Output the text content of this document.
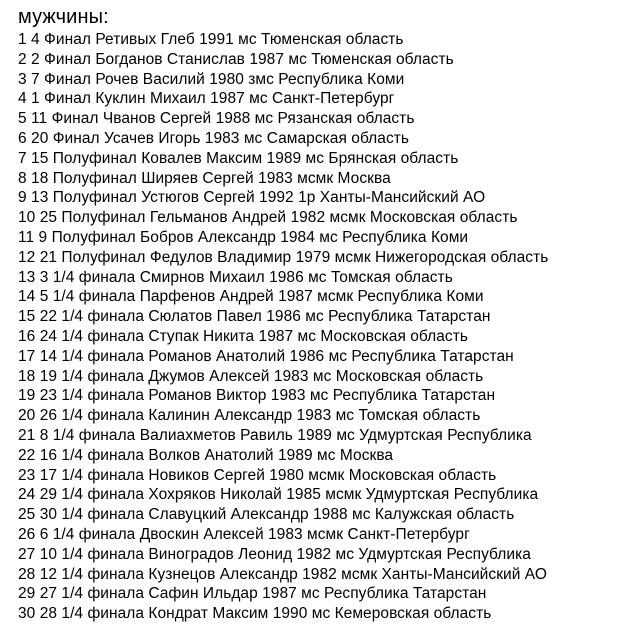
мужчины:
1 4 Финал Ретивых Глеб 1991 мс Тюменская область
2 2 Финал Богданов Станислав 1987 мс Тюменская область
3 7 Финал Рочев Василий 1980 змс Республика Коми
4 1 Финал Куклин Михаил 1987 мс Санкт-Петербург
5 11 Финал Чванов Сергей 1988 мс Рязанская область
6 20 Финал Усачев Игорь 1983 мс Самарская область
7 15 Полуфинал Ковалев Максим 1989 мс Брянская область
8 18 Полуфинал Ширяев Сергей 1983 мсмк Москва
9 13 Полуфинал Устюгов Сергей 1992 1р Ханты-Мансийский АО
10 25 Полуфинал Гельманов Андрей 1982 мсмк Московская область
11 9 Полуфинал Бобров Александр 1984 мс Республика Коми
12 21 Полуфинал Федулов Владимир 1979 мсмк Нижегородская область
13 3 1/4 финала Смирнов Михаил 1986 мс Томская область
14 5 1/4 финала Парфенов Андрей 1987 мсмк Республика Коми
15 22 1/4 финала Сюлатов Павел 1986 мс Республика Татарстан
16 24 1/4 финала Ступак Никита 1987 мс Московская область
17 14 1/4 финала Романов Анатолий 1986 мс Республика Татарстан
18 19 1/4 финала Джумов Алексей 1983 мс Московская область
19 23 1/4 финала Романов Виктор 1983 мс Республика Татарстан
20 26 1/4 финала Калинин Александр 1983 мс Томская область
21 8 1/4 финала Валиахметов Равиль 1989 мс Удмуртская Республика
22 16 1/4 финала Волков Анатолий 1989 мс Москва
23 17 1/4 финала Новиков Сергей 1980 мсмк Московская область
24 29 1/4 финала Хохряков Николай 1985 мсмк Удмуртская Республика
25 30 1/4 финала Славуцкий Александр 1988 мс Калужская область
26 6 1/4 финала Двоскин Алексей 1983 мсмк Санкт-Петербург
27 10 1/4 финала Виноградов Леонид 1982 мс Удмуртская Республика
28 12 1/4 финала Кузнецов Александр 1982 мсмк Ханты-Мансийский АО
29 27 1/4 финала Сафин Ильдар 1987 мс Республика Татарстан
30 28 1/4 финала Кондрат Максим 1990 мс Кемеровская область
